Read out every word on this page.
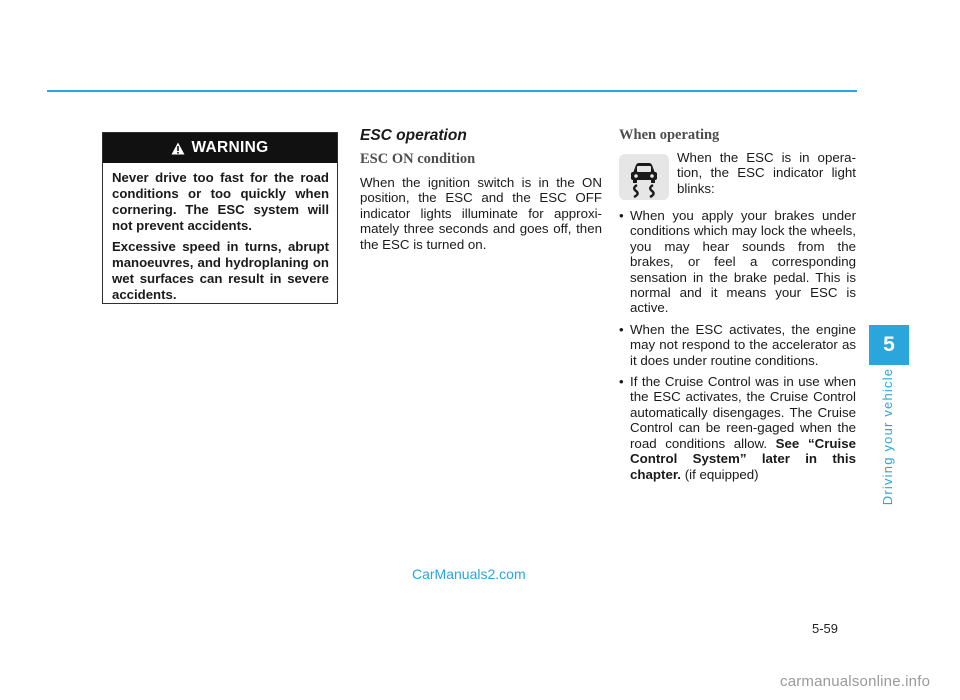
WARNING

Never drive too fast for the road conditions or too quickly when cornering. The ESC system will not prevent accidents.

Excessive speed in turns, abrupt manoeuvres, and hydroplaning on wet surfaces can result in severe accidents.

ESC operation
ESC ON condition

When the ignition switch is in the ON position, the ESC and the ESC OFF indicator lights illuminate for approxi-mately three seconds and goes off, then the ESC is turned on.

When operating
When the ESC is in opera-tion, the ESC indicator light blinks:
• When you apply your brakes under conditions which may lock the wheels, you may hear sounds from the brakes, or feel a corresponding sensation in the brake pedal. This is normal and it means your ESC is active.
• When the ESC activates, the engine may not respond to the accelerator as it does under routine conditions.
• If the Cruise Control was in use when the ESC activates, the Cruise Control automatically disengages. The Cruise Control can be reen-gaged when the road conditions allow. See “Cruise Control System” later in this chapter. (if equipped)
5
Driving your vehicle
5-59
CarManuals2.com
carmanualsonline.info
